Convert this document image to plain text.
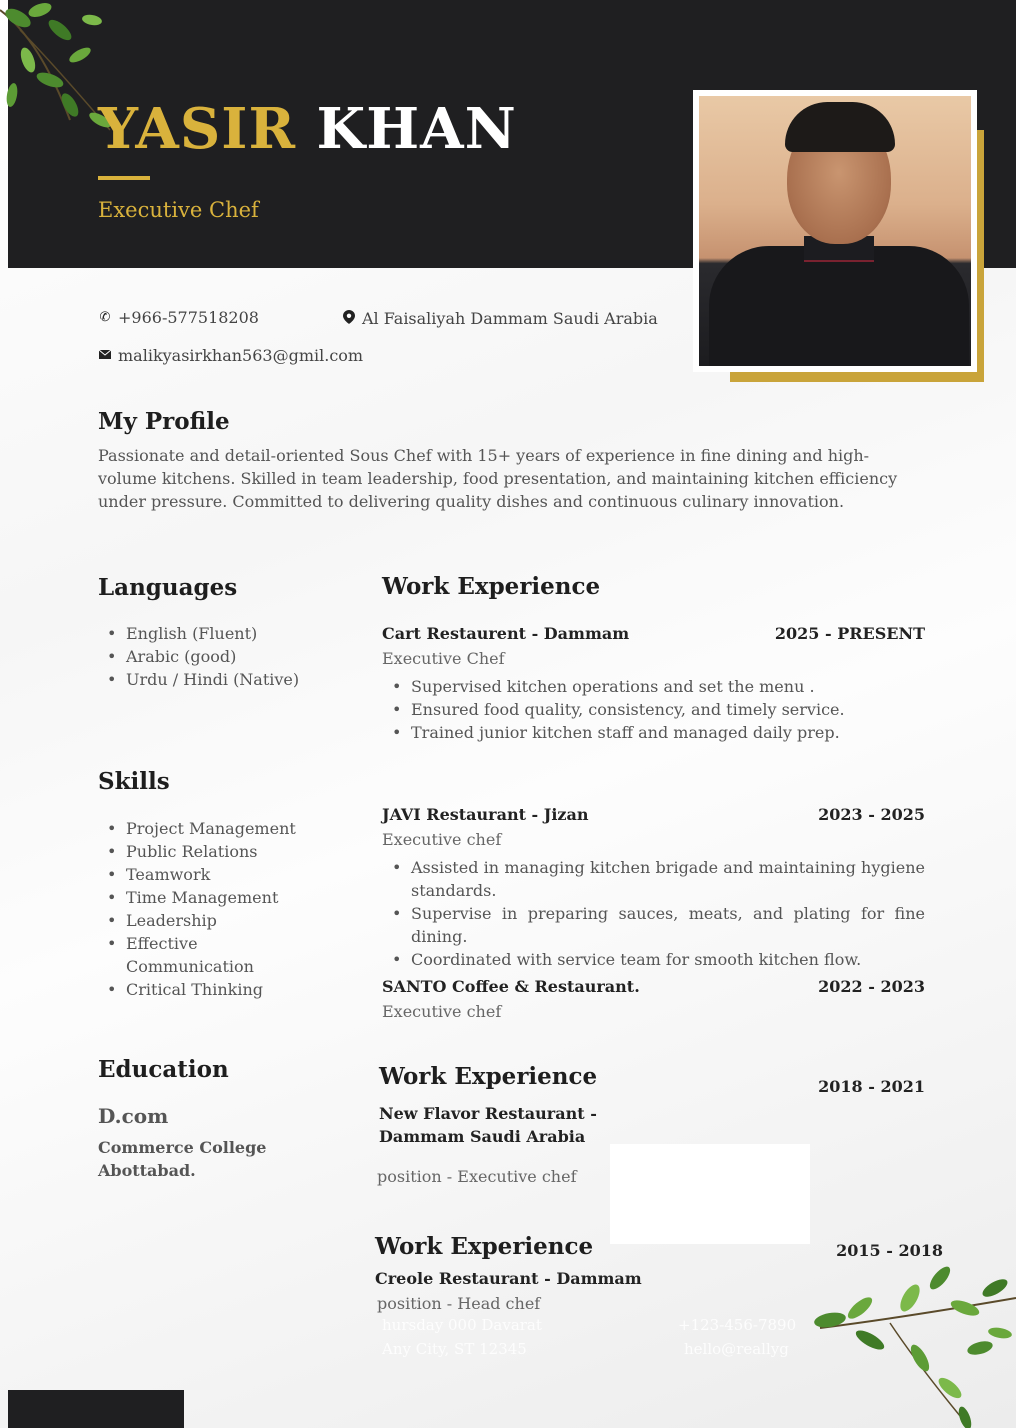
YASIR KHAN
Executive Chef
✆ +966-577518208	Al Faisaliyah Dammam Saudi Arabia
malikyasirkhan563@gmil.com
My Profile
Passionate and detail-oriented Sous Chef with 15+ years of experience in fine dining and high-volume kitchens. Skilled in team leadership, food presentation, and maintaining kitchen efficiency under pressure. Committed to delivering quality dishes and continuous culinary innovation.
Languages
• English (Fluent)
• Arabic (good)
• Urdu / Hindi (Native)
Skills
• Project Management
• Public Relations
• Teamwork
• Time Management
• Leadership
• Effective Communication
• Critical Thinking
Education
D.com
Commerce College Abottabad.
Work Experience
Cart Restaurent - Dammam	2025 - PRESENT
Executive Chef
• Supervised kitchen operations and set the menu .
• Ensured food quality, consistency, and timely service.
• Trained junior kitchen staff and managed daily prep.
JAVI Restaurant - Jizan	2023 - 2025
Executive chef
• Assisted in managing kitchen brigade and maintaining hygiene standards.
• Supervise in preparing sauces, meats, and plating for fine dining.
• Coordinated with service team for smooth kitchen flow.
SANTO Coffee & Restaurant.	2022 - 2023
Executive chef
Work Experience	2018 - 2021
New Flavor Restaurant - Dammam Saudi Arabia
position - Executive chef
Work Experience	2015 - 2018
Creole Restaurant - Dammam
position - Head chef
hursday 000 Davarat	+123-456-7890
Any City, ST 12345	hello@reallyg
